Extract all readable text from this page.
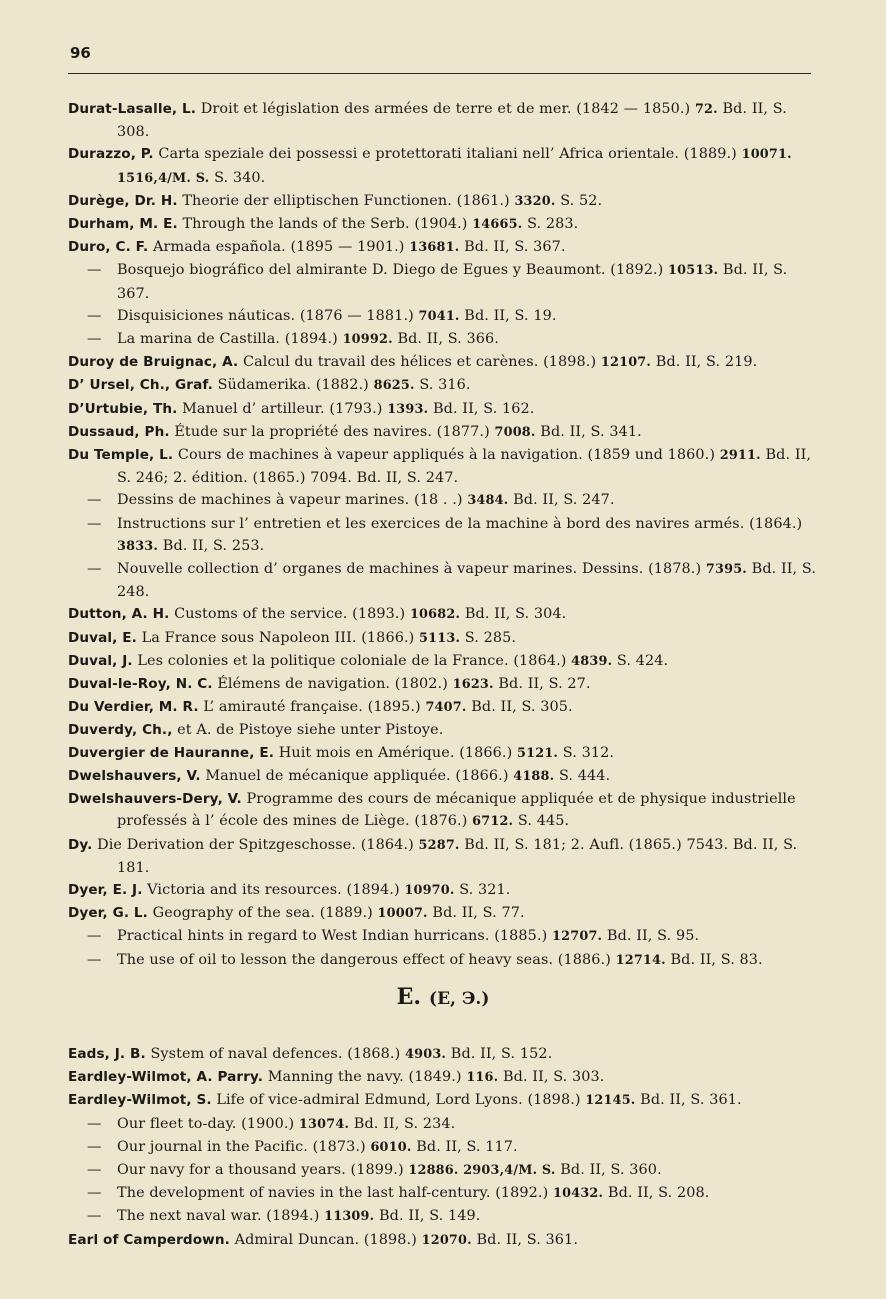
96
Durat-Lasalle, L. Droit et législation des armées de terre et de mer. (1842 — 1850.) 72. Bd. II, S. 308.
Durazzo, P. Carta speziale dei possessi e protettorati italiani nell’ Africa orientale. (1889.) 10071. 1516,4/M. S. S. 340.
Durège, Dr. H. Theorie der elliptischen Functionen. (1861.) 3320. S. 52.
Durham, M. E. Through the lands of the Serb. (1904.) 14665. S. 283.
Duro, C. F. Armada española. (1895 — 1901.) 13681. Bd. II, S. 367.
— Bosquejo biográfico del almirante D. Diego de Egues y Beaumont. (1892.) 10513. Bd. II, S. 367.
— Disquisiciones náuticas. (1876 — 1881.) 7041. Bd. II, S. 19.
— La marina de Castilla. (1894.) 10992. Bd. II, S. 366.
Duroy de Bruignac, A. Calcul du travail des hélices et carènes. (1898.) 12107. Bd. II, S. 219.
D’ Ursel, Ch., Graf. Südamerika. (1882.) 8625. S. 316.
D’Urtubie, Th. Manuel d’ artilleur. (1793.) 1393. Bd. II, S. 162.
Dussaud, Ph. Étude sur la propriété des navires. (1877.) 7008. Bd. II, S. 341.
Du Temple, L. Cours de machines à vapeur appliqués à la navigation. (1859 und 1860.) 2911. Bd. II, S. 246; 2. édition. (1865.) 7094. Bd. II, S. 247.
— Dessins de machines à vapeur marines. (18 . .) 3484. Bd. II, S. 247.
— Instructions sur l’ entretien et les exercices de la machine à bord des navires armés. (1864.) 3833. Bd. II, S. 253.
— Nouvelle collection d’ organes de machines à vapeur marines. Dessins. (1878.) 7395. Bd. II, S. 248.
Dutton, A. H. Customs of the service. (1893.) 10682. Bd. II, S. 304.
Duval, E. La France sous Napoleon III. (1866.) 5113. S. 285.
Duval, J. Les colonies et la politique coloniale de la France. (1864.) 4839. S. 424.
Duval-le-Roy, N. C. Élémens de navigation. (1802.) 1623. Bd. II, S. 27.
Du Verdier, M. R. L’ amirauté française. (1895.) 7407. Bd. II, S. 305.
Duverdy, Ch., et A. de Pistoye siehe unter Pistoye.
Duvergier de Hauranne, E. Huit mois en Amérique. (1866.) 5121. S. 312.
Dwelshauvers, V. Manuel de mécanique appliquée. (1866.) 4188. S. 444.
Dwelshauvers-Dery, V. Programme des cours de mécanique appliquée et de physique industrielle professés à l’ école des mines de Liège. (1876.) 6712. S. 445.
Dy. Die Derivation der Spitzgeschosse. (1864.) 5287. Bd. II, S. 181; 2. Aufl. (1865.) 7543. Bd. II, S. 181.
Dyer, E. J. Victoria and its resources. (1894.) 10970. S. 321.
Dyer, G. L. Geography of the sea. (1889.) 10007. Bd. II, S. 77.
— Practical hints in regard to West Indian hurricans. (1885.) 12707. Bd. II, S. 95.
— The use of oil to lesson the dangerous effect of heavy seas. (1886.) 12714. Bd. II, S. 83.
E. (E, Э.)
Eads, J. B. System of naval defences. (1868.) 4903. Bd. II, S. 152.
Eardley-Wilmot, A. Parry. Manning the navy. (1849.) 116. Bd. II, S. 303.
Eardley-Wilmot, S. Life of vice-admiral Edmund, Lord Lyons. (1898.) 12145. Bd. II, S. 361.
— Our fleet to-day. (1900.) 13074. Bd. II, S. 234.
— Our journal in the Pacific. (1873.) 6010. Bd. II, S. 117.
— Our navy for a thousand years. (1899.) 12886. 2903,4/M. S. Bd. II, S. 360.
— The development of navies in the last half-century. (1892.) 10432. Bd. II, S. 208.
— The next naval war. (1894.) 11309. Bd. II, S. 149.
Earl of Camperdown. Admiral Duncan. (1898.) 12070. Bd. II, S. 361.
